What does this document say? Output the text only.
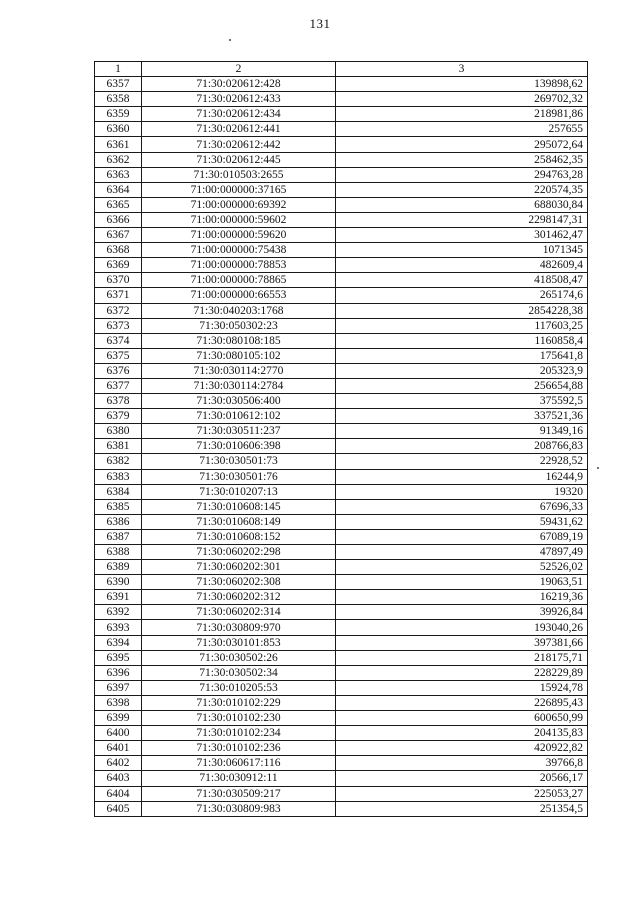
131
1	2	3
6357	71:30:020612:428	139898,62
6358	71:30:020612:433	269702,32
6359	71:30:020612:434	218981,86
6360	71:30:020612:441	257655
6361	71:30:020612:442	295072,64
6362	71:30:020612:445	258462,35
6363	71:30:010503:2655	294763,28
6364	71:00:000000:37165	220574,35
6365	71:00:000000:69392	688030,84
6366	71:00:000000:59602	2298147,31
6367	71:00:000000:59620	301462,47
6368	71:00:000000:75438	1071345
6369	71:00:000000:78853	482609,4
6370	71:00:000000:78865	418508,47
6371	71:00:000000:66553	265174,6
6372	71:30:040203:1768	2854228,38
6373	71:30:050302:23	117603,25
6374	71:30:080108:185	1160858,4
6375	71:30:080105:102	175641,8
6376	71:30:030114:2770	205323,9
6377	71:30:030114:2784	256654,88
6378	71:30:030506:400	375592,5
6379	71:30:010612:102	337521,36
6380	71:30:030511:237	91349,16
6381	71:30:010606:398	208766,83
6382	71:30:030501:73	22928,52
6383	71:30:030501:76	16244,9
6384	71:30:010207:13	19320
6385	71:30:010608:145	67696,33
6386	71:30:010608:149	59431,62
6387	71:30:010608:152	67089,19
6388	71:30:060202:298	47897,49
6389	71:30:060202:301	52526,02
6390	71:30:060202:308	19063,51
6391	71:30:060202:312	16219,36
6392	71:30:060202:314	39926,84
6393	71:30:030809:970	193040,26
6394	71:30:030101:853	397381,66
6395	71:30:030502:26	218175,71
6396	71:30:030502:34	228229,89
6397	71:30:010205:53	15924,78
6398	71:30:010102:229	226895,43
6399	71:30:010102:230	600650,99
6400	71:30:010102:234	204135,83
6401	71:30:010102:236	420922,82
6402	71:30:060617:116	39766,8
6403	71:30:030912:11	20566,17
6404	71:30:030509:217	225053,27
6405	71:30:030809:983	251354,5
